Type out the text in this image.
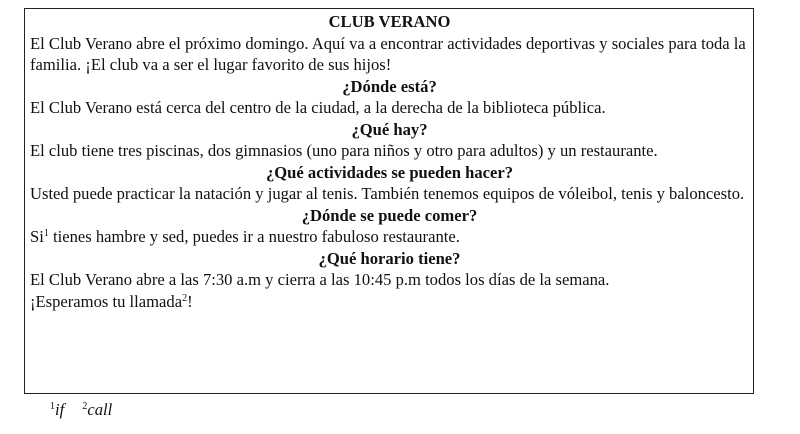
CLUB VERANO

El Club Verano abre el próximo domingo. Aquí va a encontrar actividades deportivas y sociales para toda la familia. ¡El club va a ser el lugar favorito de sus hijos!

¿Dónde está?

El Club Verano está cerca del centro de la ciudad, a la derecha de la biblioteca pública.

¿Qué hay?

El club tiene tres piscinas, dos gimnasios (uno para niños y otro para adultos) y un restaurante.

¿Qué actividades se pueden hacer?

Usted puede practicar la natación y jugar al tenis. También tenemos equipos de vóleibol, tenis y baloncesto.

¿Dónde se puede comer?

Si$^1$ tienes hambre y sed, puedes ir a nuestro fabuloso restaurante.

¿Qué horario tiene?

El Club Verano abre a las 7:30 a.m y cierra a las 10:45 p.m todos los días de la semana.

¡Esperamos tu llamada$^2$!

$^1$if $^2$call
